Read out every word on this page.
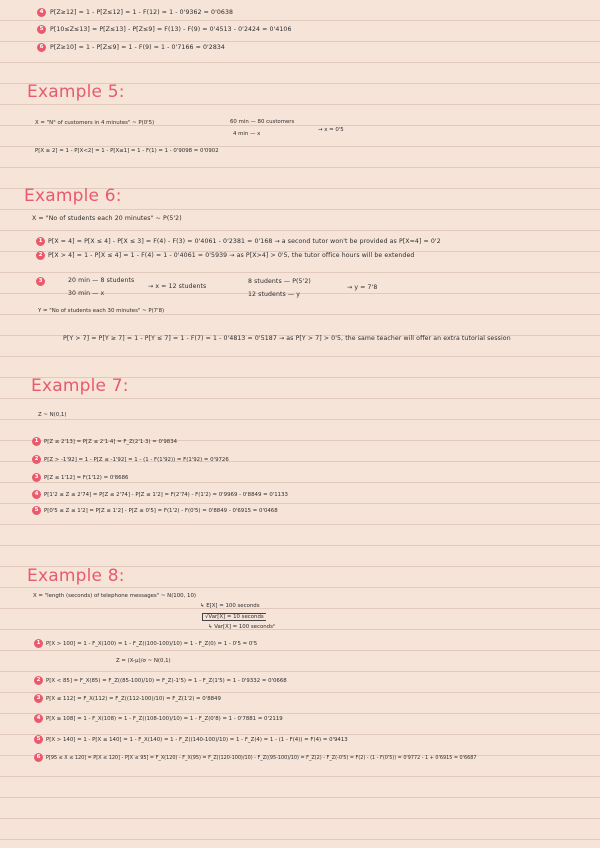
4	P[Z≥12] = 1 - P[Z≤12] = 1 - F(12) = 1 - 0'9362 = 0'0638
5	P[10≤Z≤13] = P[Z≤13] - P[Z≤9] = F(13) - F(9) = 0'4513 - 0'2424 = 0'4106
6	P[Z≥10] = 1 - P[Z≤9] = 1 - F(9) = 1 - 0'7166 = 0'2834
Example 5:
X = "N° of customers in 4 minutes" ~ P(0'5)	60 min — 80 customers
4 min — x
→ x = 0'5
P[X ≥ 2] = 1 - P[X<2] = 1 - P[X≤1] = 1 - F(1) = 1 - 0'9098 = 0'0902
Example 6:
X = "No of students each 20 minutes" ~ P(5'2)
1 P[X = 4] = P[X ≤ 4] - P[X ≤ 3] = F(4) - F(3) = 0'4061 - 0'2381 = 0'168 → a second tutor won't be provided as P[X=4] = 0'2
2 P[X > 4] = 1 - P[X ≤ 4] = 1 - F(4) = 1 - 0'4061 = 0'5939 → as P[X>4] > 0'5, the tutor office hours will be extended
3	20 min — 8 students
30 min — x
→ x = 12 students
8 students — P(5'2)
12 students — y
→ y = 7'8
Y = "No of students each 30 minutes" ~ P(7'8)
P[Y > 7] = P[Y ≥ 7] = 1 - P[Y ≤ 7] = 1 - F(7) = 1 - 0'4813 = 0'5187 → as P[Y > 7] > 0'5, the same teacher will offer an extra tutorial session
Example 7:
Z ~ N(0,1)
1	P[Z ≤ 2'13] = P[Z ≤ 2'1·4] = F_Z(2'1·3) = 0'9834
2	P[Z > -1'92] = 1 - P[Z ≤ -1'92] = 1 - (1 - F(1'92)) = F(1'92) = 0'9726
3	P[Z ≤ 1'12] = F(1'12) = 0'8686
4	P[1'2 ≤ Z ≤ 2'74] = P[Z ≤ 2'74] - P[Z ≤ 1'2] = F(2'74) - F(1'2) = 0'9969 - 0'8849 = 0'1133
5	P[0'5 ≤ Z ≤ 1'2] = P[Z ≤ 1'2] - P[Z ≤ 0'5] = F(1'2) - F(0'5) = 0'8849 - 0'6915 = 0'0468
Example 8:
X = "length (seconds) of telephone messages" ~ N(100, 10)
↳ E[X] = 100 seconds
√Var[X] = 10 seconds
↳ Var[X] = 100 seconds²
1	P[X > 100] = 1 - F_X(100) = 1 - F_Z((100-100)/10) = 1 - F_Z(0) = 1 - 0'5 = 0'5
Z = (X-μ)/σ ~ N(0,1)
2	P[X < 85] = F_X(85) = F_Z((85-100)/10) = F_Z(-1'5) = 1 - F_Z(1'5) = 1 - 0'9332 = 0'0668
3	P[X ≤ 112] = F_X(112) = F_Z((112-100)/10) = F_Z(1'2) = 0'8849
4	P[X ≥ 108] = 1 - F_X(108) = 1 - F_Z((108-100)/10) = 1 - F_Z(0'8) = 1 - 0'7881 = 0'2119
5	P[X > 140] = 1 - P[X ≤ 140] = 1 - F_X(140) = 1 - F_Z((140-100)/10) = 1 - F_Z(4) = 1 - (1 - F(4)) = F(4) = 0'9413
6	P[95 ≤ X ≤ 120] = P[X ≤ 120] - P[X ≤ 95] = F_X(120) - F_X(95) = F_Z((120-100)/10) - F_Z((95-100)/10) = F_Z(2) - F_Z(-0'5) = F(2) - (1 - F(0'5)) = 0'9772 - 1 + 0'6915 = 0'6687
